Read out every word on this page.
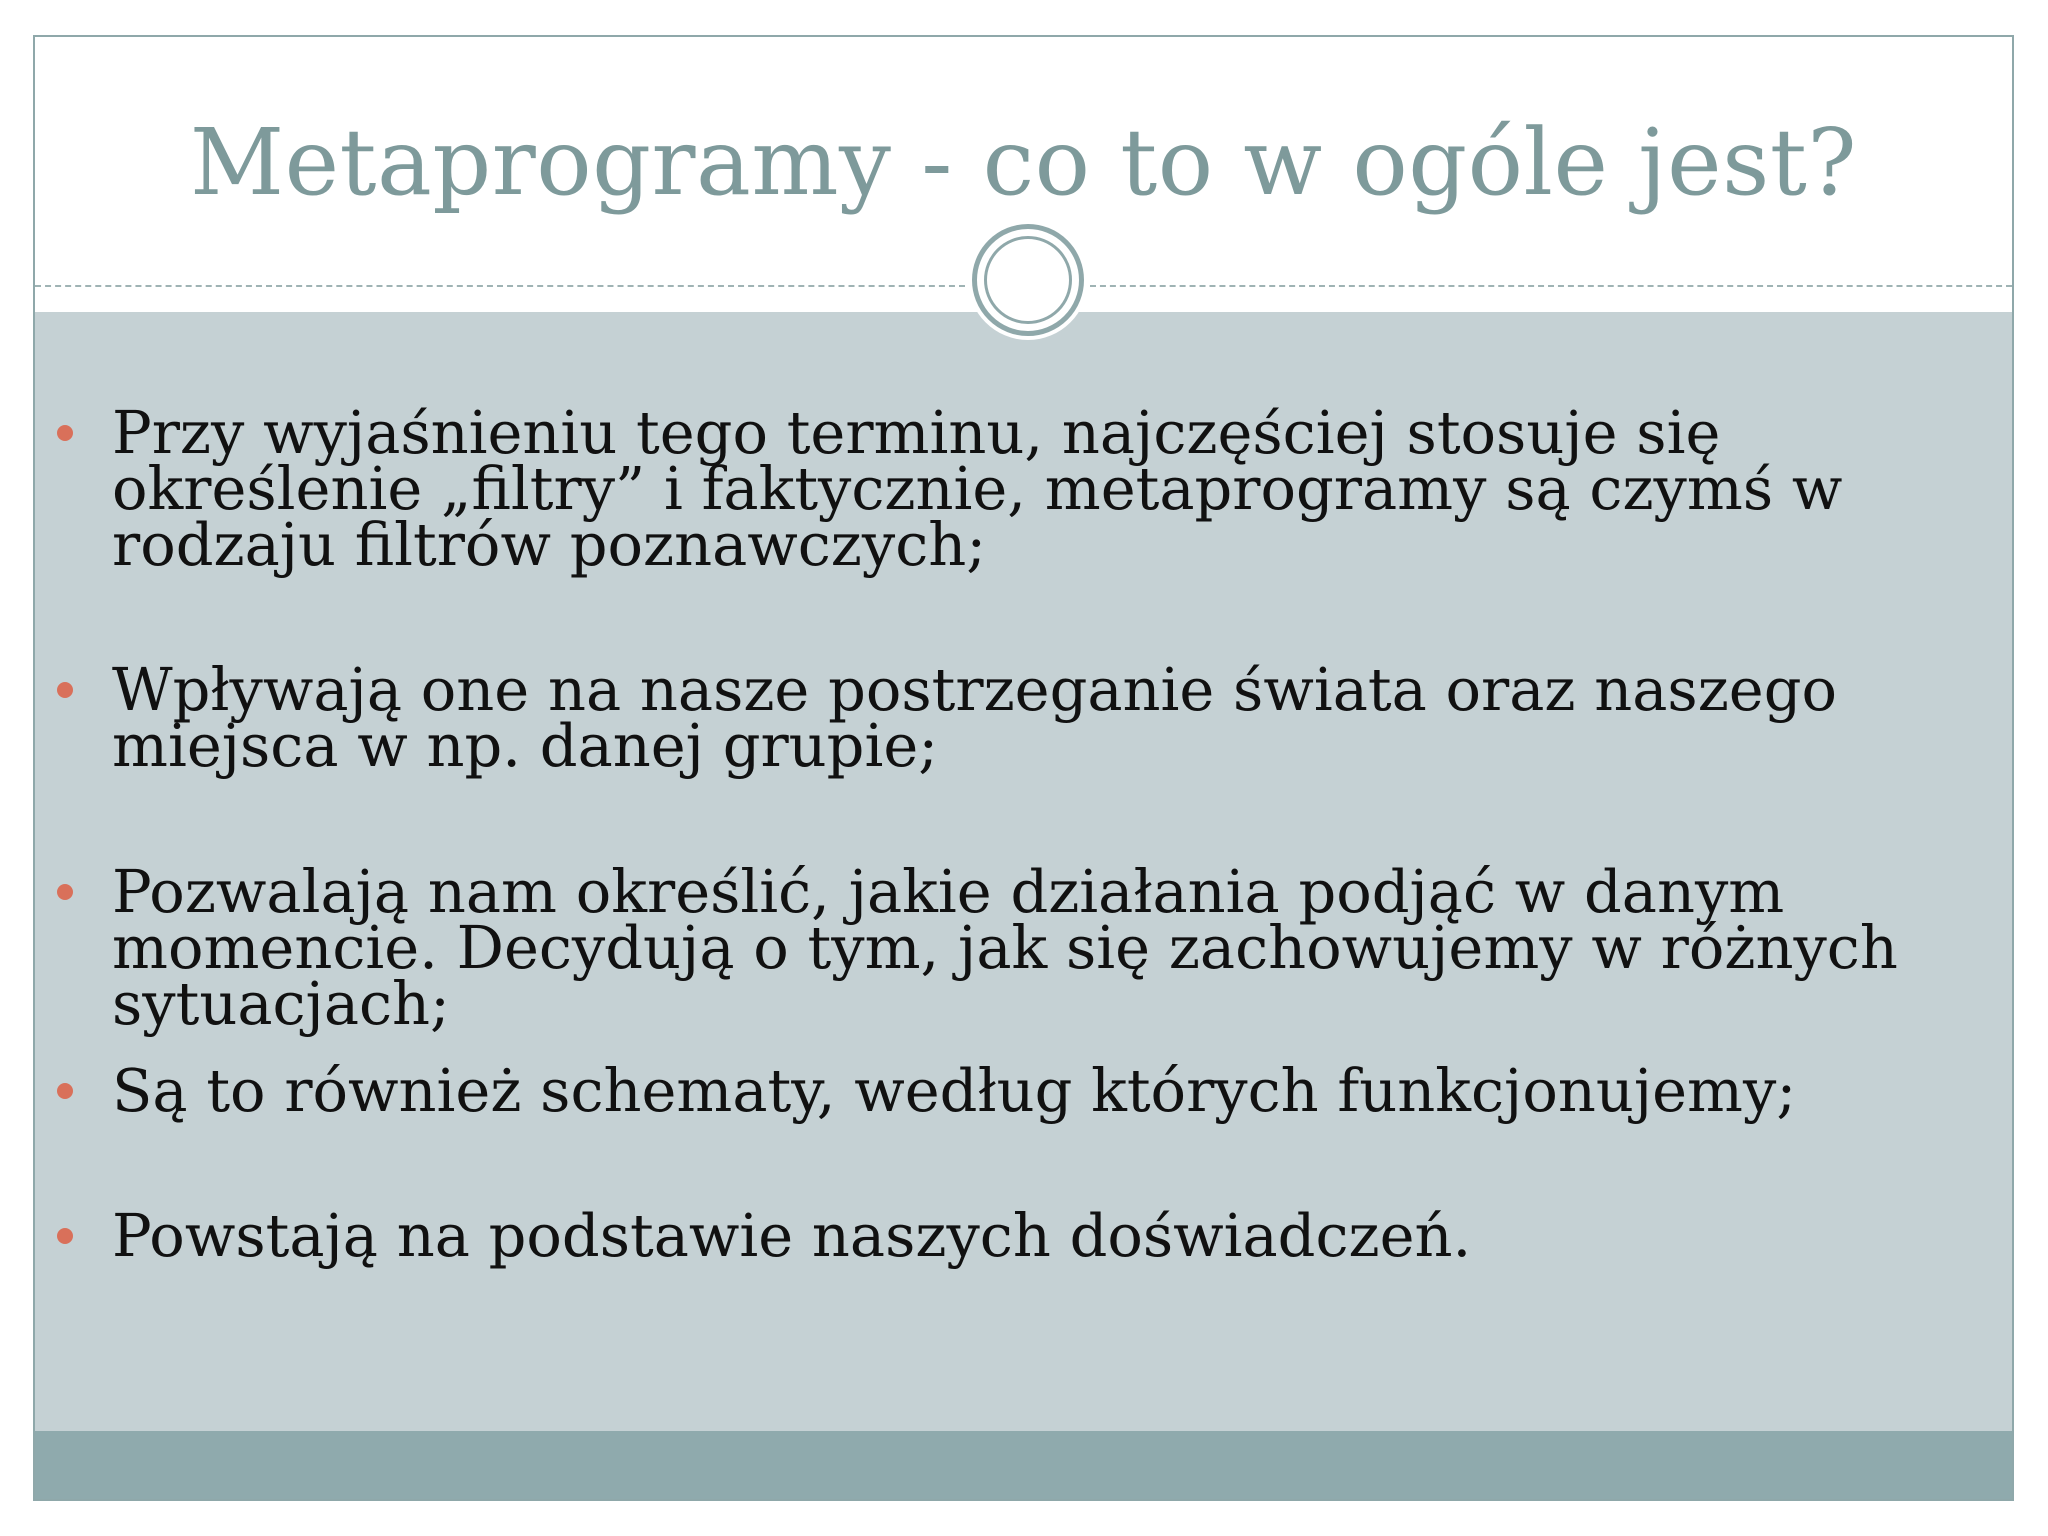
Metaprogramy - co to w ogóle jest?
Przy wyjaśnieniu tego terminu, najczęściej stosuje się określenie „filtry” i faktycznie, metaprogramy są czymś w rodzaju filtrów poznawczych;
Wpływają one na nasze postrzeganie świata oraz naszego miejsca w np. danej grupie;
Pozwalają nam określić, jakie działania podjąć w danym momencie. Decydują o tym, jak się zachowujemy w różnych sytuacjach;
Są to również schematy, według których funkcjonujemy;
Powstają na podstawie naszych doświadczeń.
